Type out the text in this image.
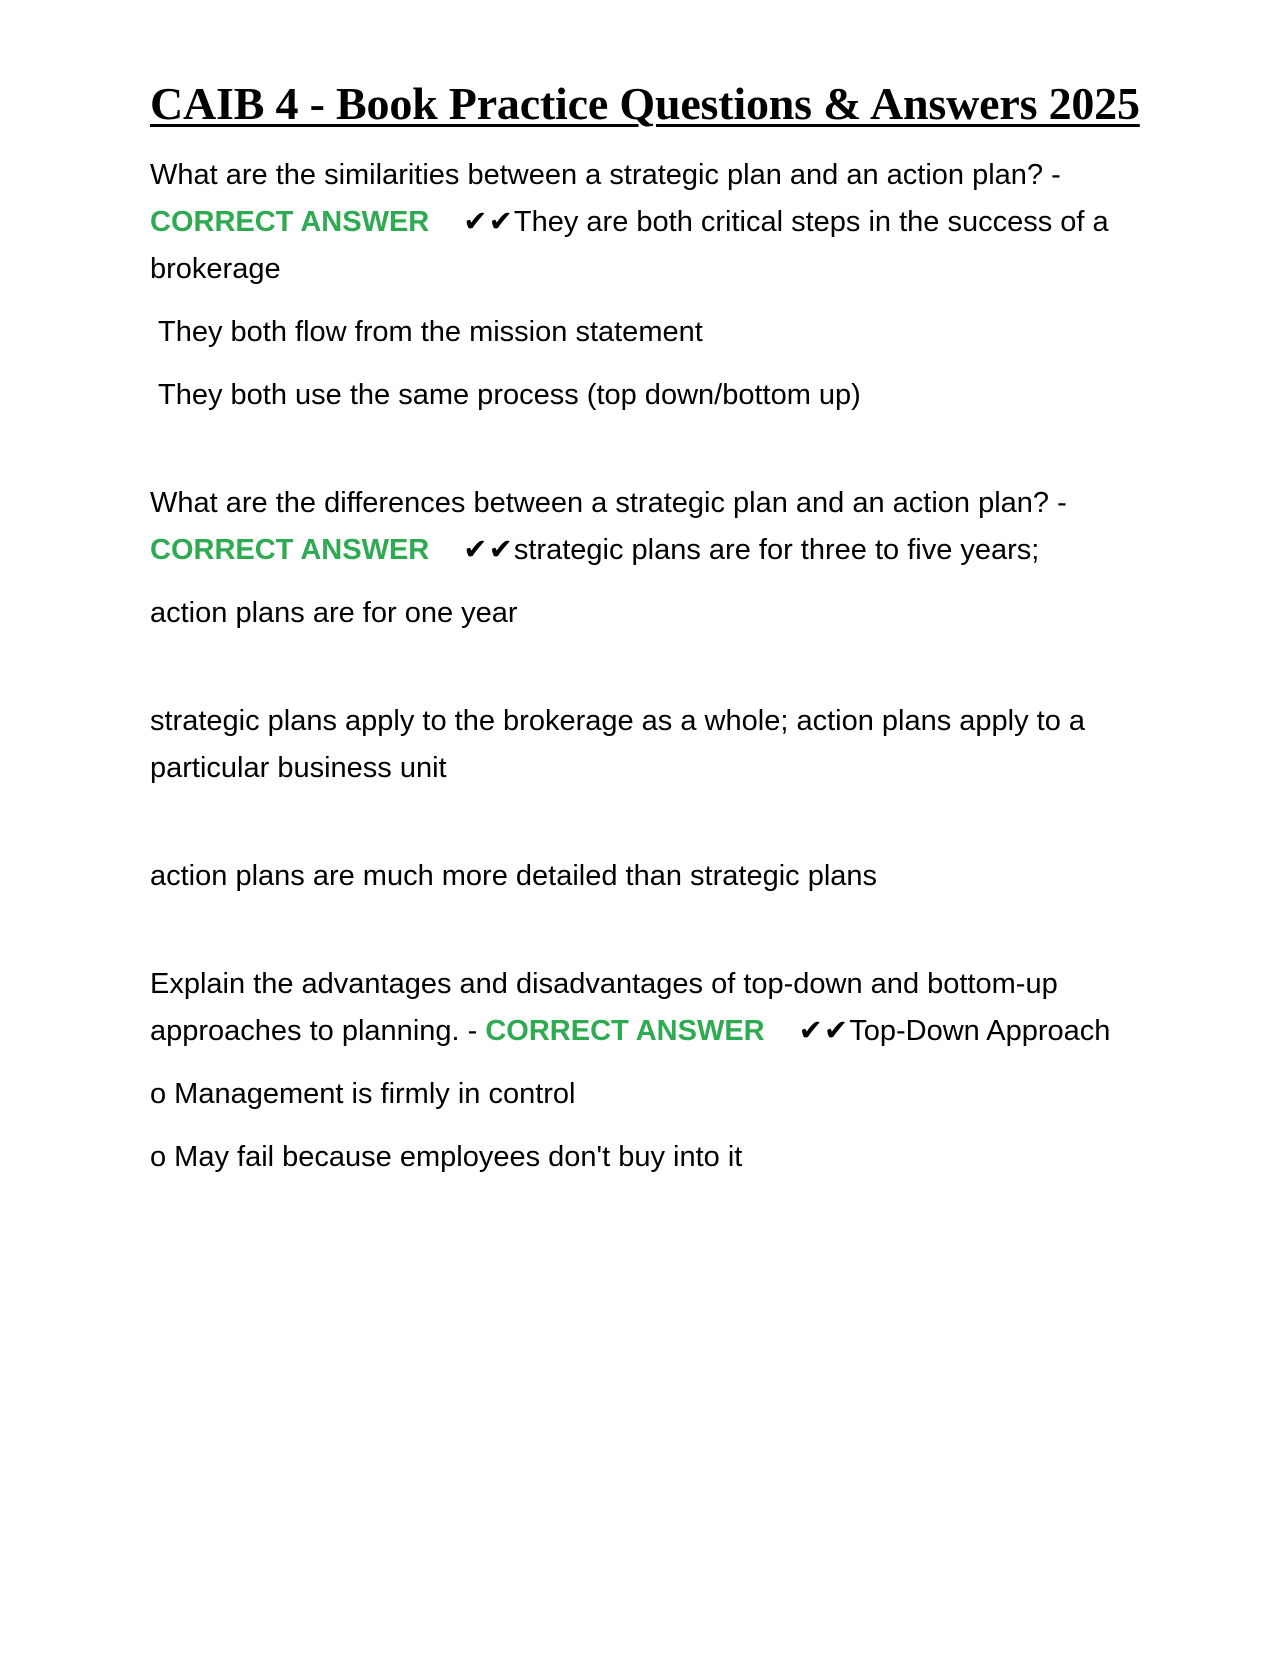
CAIB 4 - Book Practice Questions & Answers 2025

What are the similarities between a strategic plan and an action plan? -
CORRECT ANSWER ✔✔They are both critical steps in the success of a brokerage

They both flow from the mission statement

They both use the same process (top down/bottom up)

What are the differences between a strategic plan and an action plan? -
CORRECT ANSWER ✔✔strategic plans are for three to five years;

action plans are for one year

strategic plans apply to the brokerage as a whole; action plans apply to a particular business unit

action plans are much more detailed than strategic plans

Explain the advantages and disadvantages of top-down and bottom-up approaches to planning. - CORRECT ANSWER ✔✔Top-Down Approach

o Management is firmly in control

o May fail because employees don't buy into it
